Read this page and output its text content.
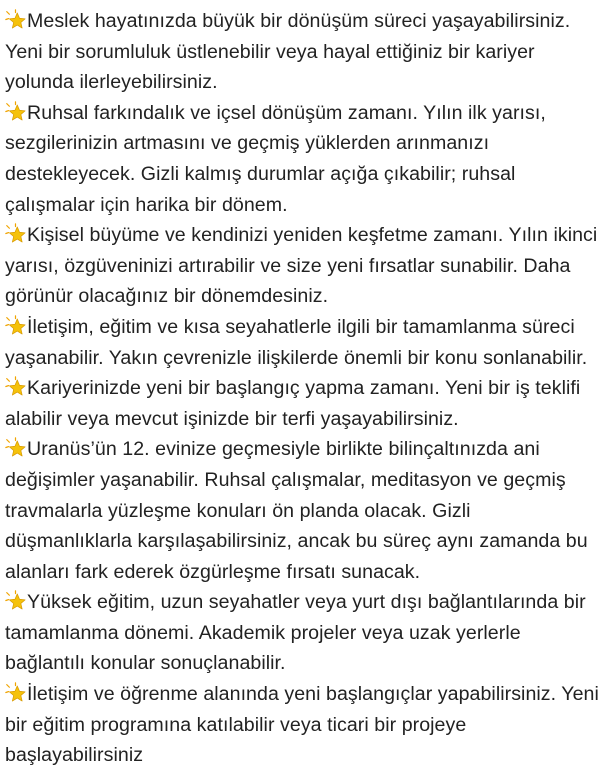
Meslek hayatınızda büyük bir dönüşüm süreci yaşayabilirsiniz. Yeni bir sorumluluk üstlenebilir veya hayal ettiğiniz bir kariyer yolunda ilerleyebilirsiniz.

Ruhsal farkındalık ve içsel dönüşüm zamanı. Yılın ilk yarısı, sezgilerinizin artmasını ve geçmiş yüklerden arınmanızı destekleyecek. Gizli kalmış durumlar açığa çıkabilir; ruhsal çalışmalar için harika bir dönem.

Kişisel büyüme ve kendinizi yeniden keşfetme zamanı. Yılın ikinci yarısı, özgüveninizi artırabilir ve size yeni fırsatlar sunabilir. Daha görünür olacağınız bir dönemdesiniz.

İletişim, eğitim ve kısa seyahatlerle ilgili bir tamamlanma süreci yaşanabilir. Yakın çevrenizle ilişkilerde önemli bir konu sonlanabilir.

Kariyerinizde yeni bir başlangıç yapma zamanı. Yeni bir iş teklifi alabilir veya mevcut işinizde bir terfi yaşayabilirsiniz.

Uranüs’ün 12. evinize geçmesiyle birlikte bilinçaltınızda ani değişimler yaşanabilir. Ruhsal çalışmalar, meditasyon ve geçmiş travmalarla yüzleşme konuları ön planda olacak. Gizli düşmanlıklarla karşılaşabilirsiniz, ancak bu süreç aynı zamanda bu alanları fark ederek özgürleşme fırsatı sunacak.

Yüksek eğitim, uzun seyahatler veya yurt dışı bağlantılarında bir tamamlanma dönemi. Akademik projeler veya uzak yerlerle bağlantılı konular sonuçlanabilir.

İletişim ve öğrenme alanında yeni başlangıçlar yapabilirsiniz. Yeni bir eğitim programına katılabilir veya ticari bir projeye başlayabilirsiniz
